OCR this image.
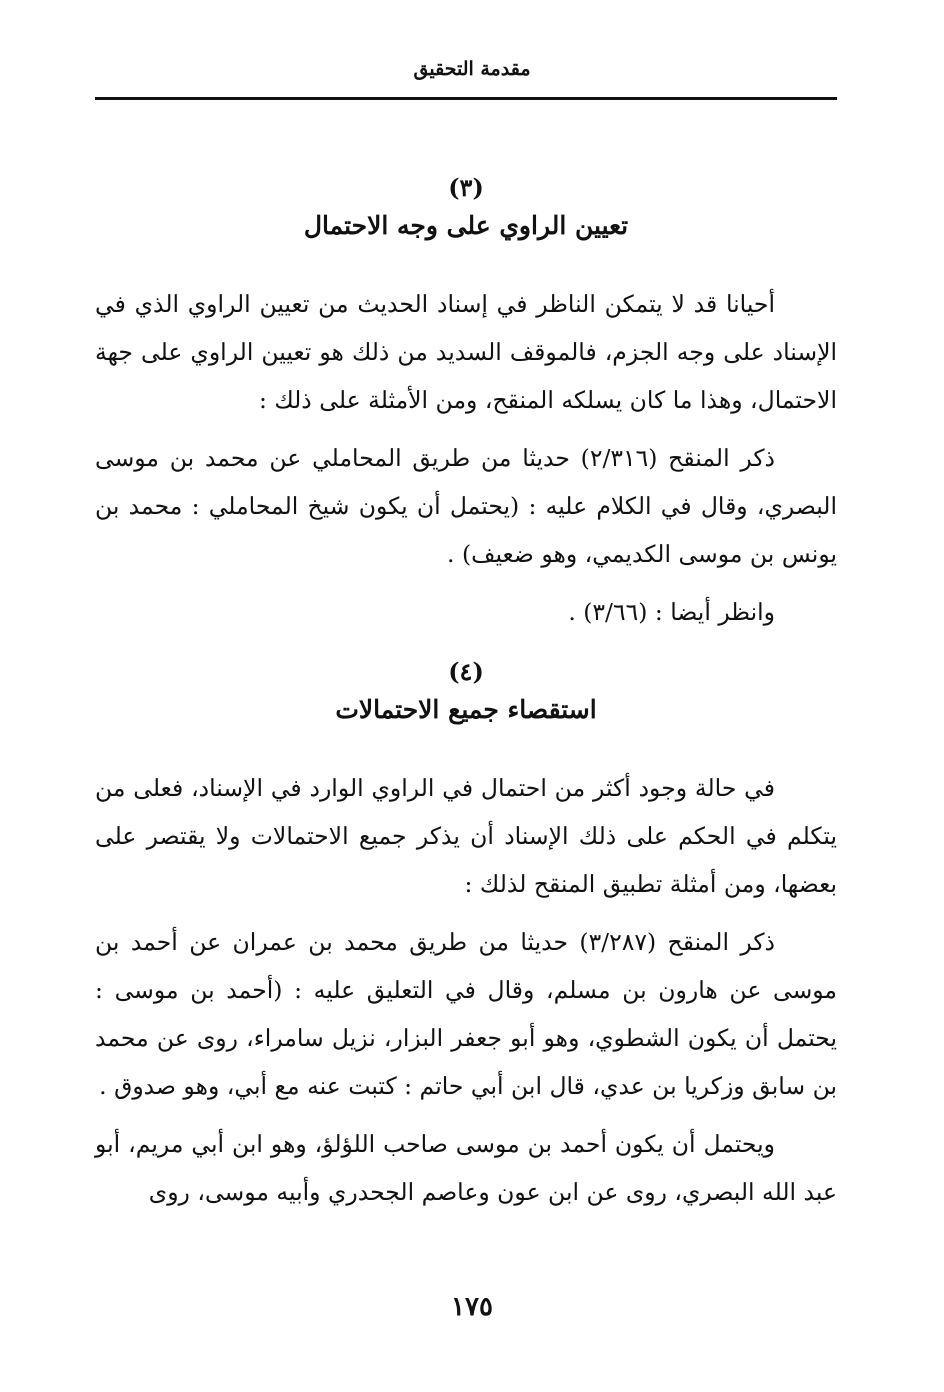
مقدمة التحقيق
(٣)
تعيين الراوي على وجه الاحتمال

أحيانا قد لا يتمكن الناظر في إسناد الحديث من تعيين الراوي الذي في الإسناد على وجه الجزم، فالموقف السديد من ذلك هو تعيين الراوي على جهة الاحتمال، وهذا ما كان يسلكه المنقح، ومن الأمثلة على ذلك :

ذكر المنقح (٢/٣١٦) حديثا من طريق المحاملي عن محمد بن موسى البصري، وقال في الكلام عليه : (يحتمل أن يكون شيخ المحاملي : محمد بن يونس بن موسى الكديمي، وهو ضعيف) .

وانظر أيضا : (٣/٦٦) .

(٤)
استقصاء جميع الاحتمالات

في حالة وجود أكثر من احتمال في الراوي الوارد في الإسناد، فعلى من يتكلم في الحكم على ذلك الإسناد أن يذكر جميع الاحتمالات ولا يقتصر على بعضها، ومن أمثلة تطبيق المنقح لذلك :

ذكر المنقح (٣/٢٨٧) حديثا من طريق محمد بن عمران عن أحمد بن موسى عن هارون بن مسلم، وقال في التعليق عليه : (أحمد بن موسى : يحتمل أن يكون الشطوي، وهو أبو جعفر البزار، نزيل سامراء، روى عن محمد بن سابق وزكريا بن عدي، قال ابن أبي حاتم : كتبت عنه مع أبي، وهو صدوق .

ويحتمل أن يكون أحمد بن موسى صاحب اللؤلؤ، وهو ابن أبي مريم، أبو عبد الله البصري، روى عن ابن عون وعاصم الجحدري وأبيه موسى، روى

١٧٥
